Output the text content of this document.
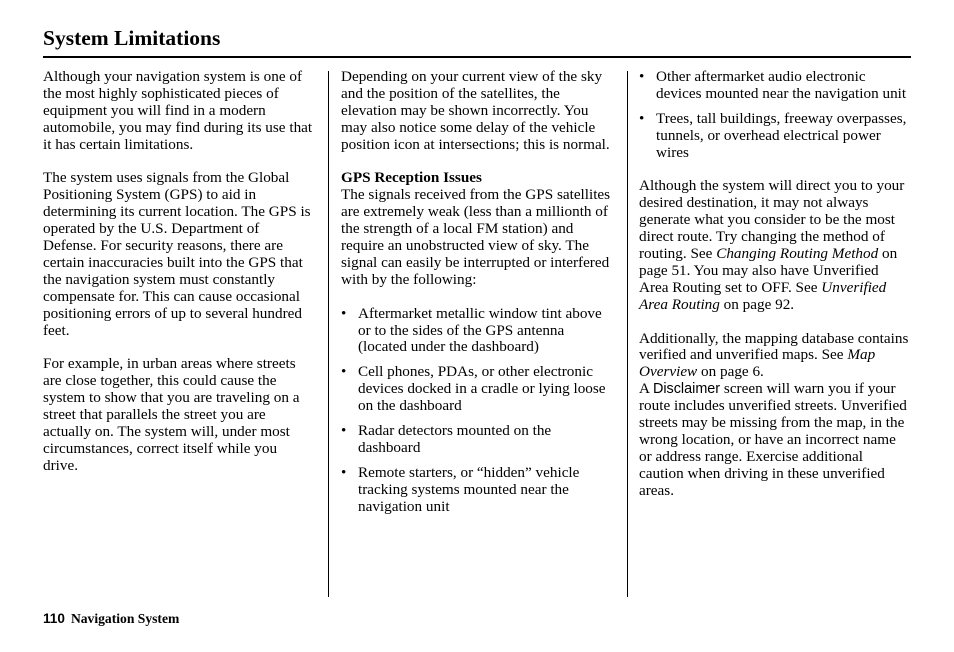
System Limitations

Although your navigation system is one of the most highly sophisticated pieces of equipment you will find in a modern automobile, you may find during its use that it has certain limitations.

The system uses signals from the Global Positioning System (GPS) to aid in determining its current location. The GPS is operated by the U.S. Department of Defense. For security reasons, there are certain inaccuracies built into the GPS that the navigation system must constantly compensate for. This can cause occasional positioning errors of up to several hundred feet.

For example, in urban areas where streets are close together, this could cause the system to show that you are traveling on a street that parallels the street you are actually on. The system will, under most circumstances, correct itself while you drive.

Depending on your current view of the sky and the position of the satellites, the elevation may be shown incorrectly. You may also notice some delay of the vehicle position icon at intersections; this is normal.

GPS Reception Issues

The signals received from the GPS satellites are extremely weak (less than a millionth of the strength of a local FM station) and require an unobstructed view of sky. The signal can easily be interrupted or interfered with by the following:

• Aftermarket metallic window tint above or to the sides of the GPS antenna (located under the dashboard)
• Cell phones, PDAs, or other electronic devices docked in a cradle or lying loose on the dashboard
• Radar detectors mounted on the dashboard
• Remote starters, or “hidden” vehicle tracking systems mounted near the navigation unit
• Other aftermarket audio electronic devices mounted near the navigation unit
• Trees, tall buildings, freeway overpasses, tunnels, or overhead electrical power wires

Although the system will direct you to your desired destination, it may not always generate what you consider to be the most direct route. Try changing the method of routing. See Changing Routing Method on page 51. You may also have Unverified Area Routing set to OFF. See Unverified Area Routing on page 92.

Additionally, the mapping database contains verified and unverified maps. See Map Overview on page 6.
A Disclaimer screen will warn you if your route includes unverified streets. Unverified streets may be missing from the map, in the wrong location, or have an incorrect name or address range. Exercise additional caution when driving in these unverified areas.

110 Navigation System
